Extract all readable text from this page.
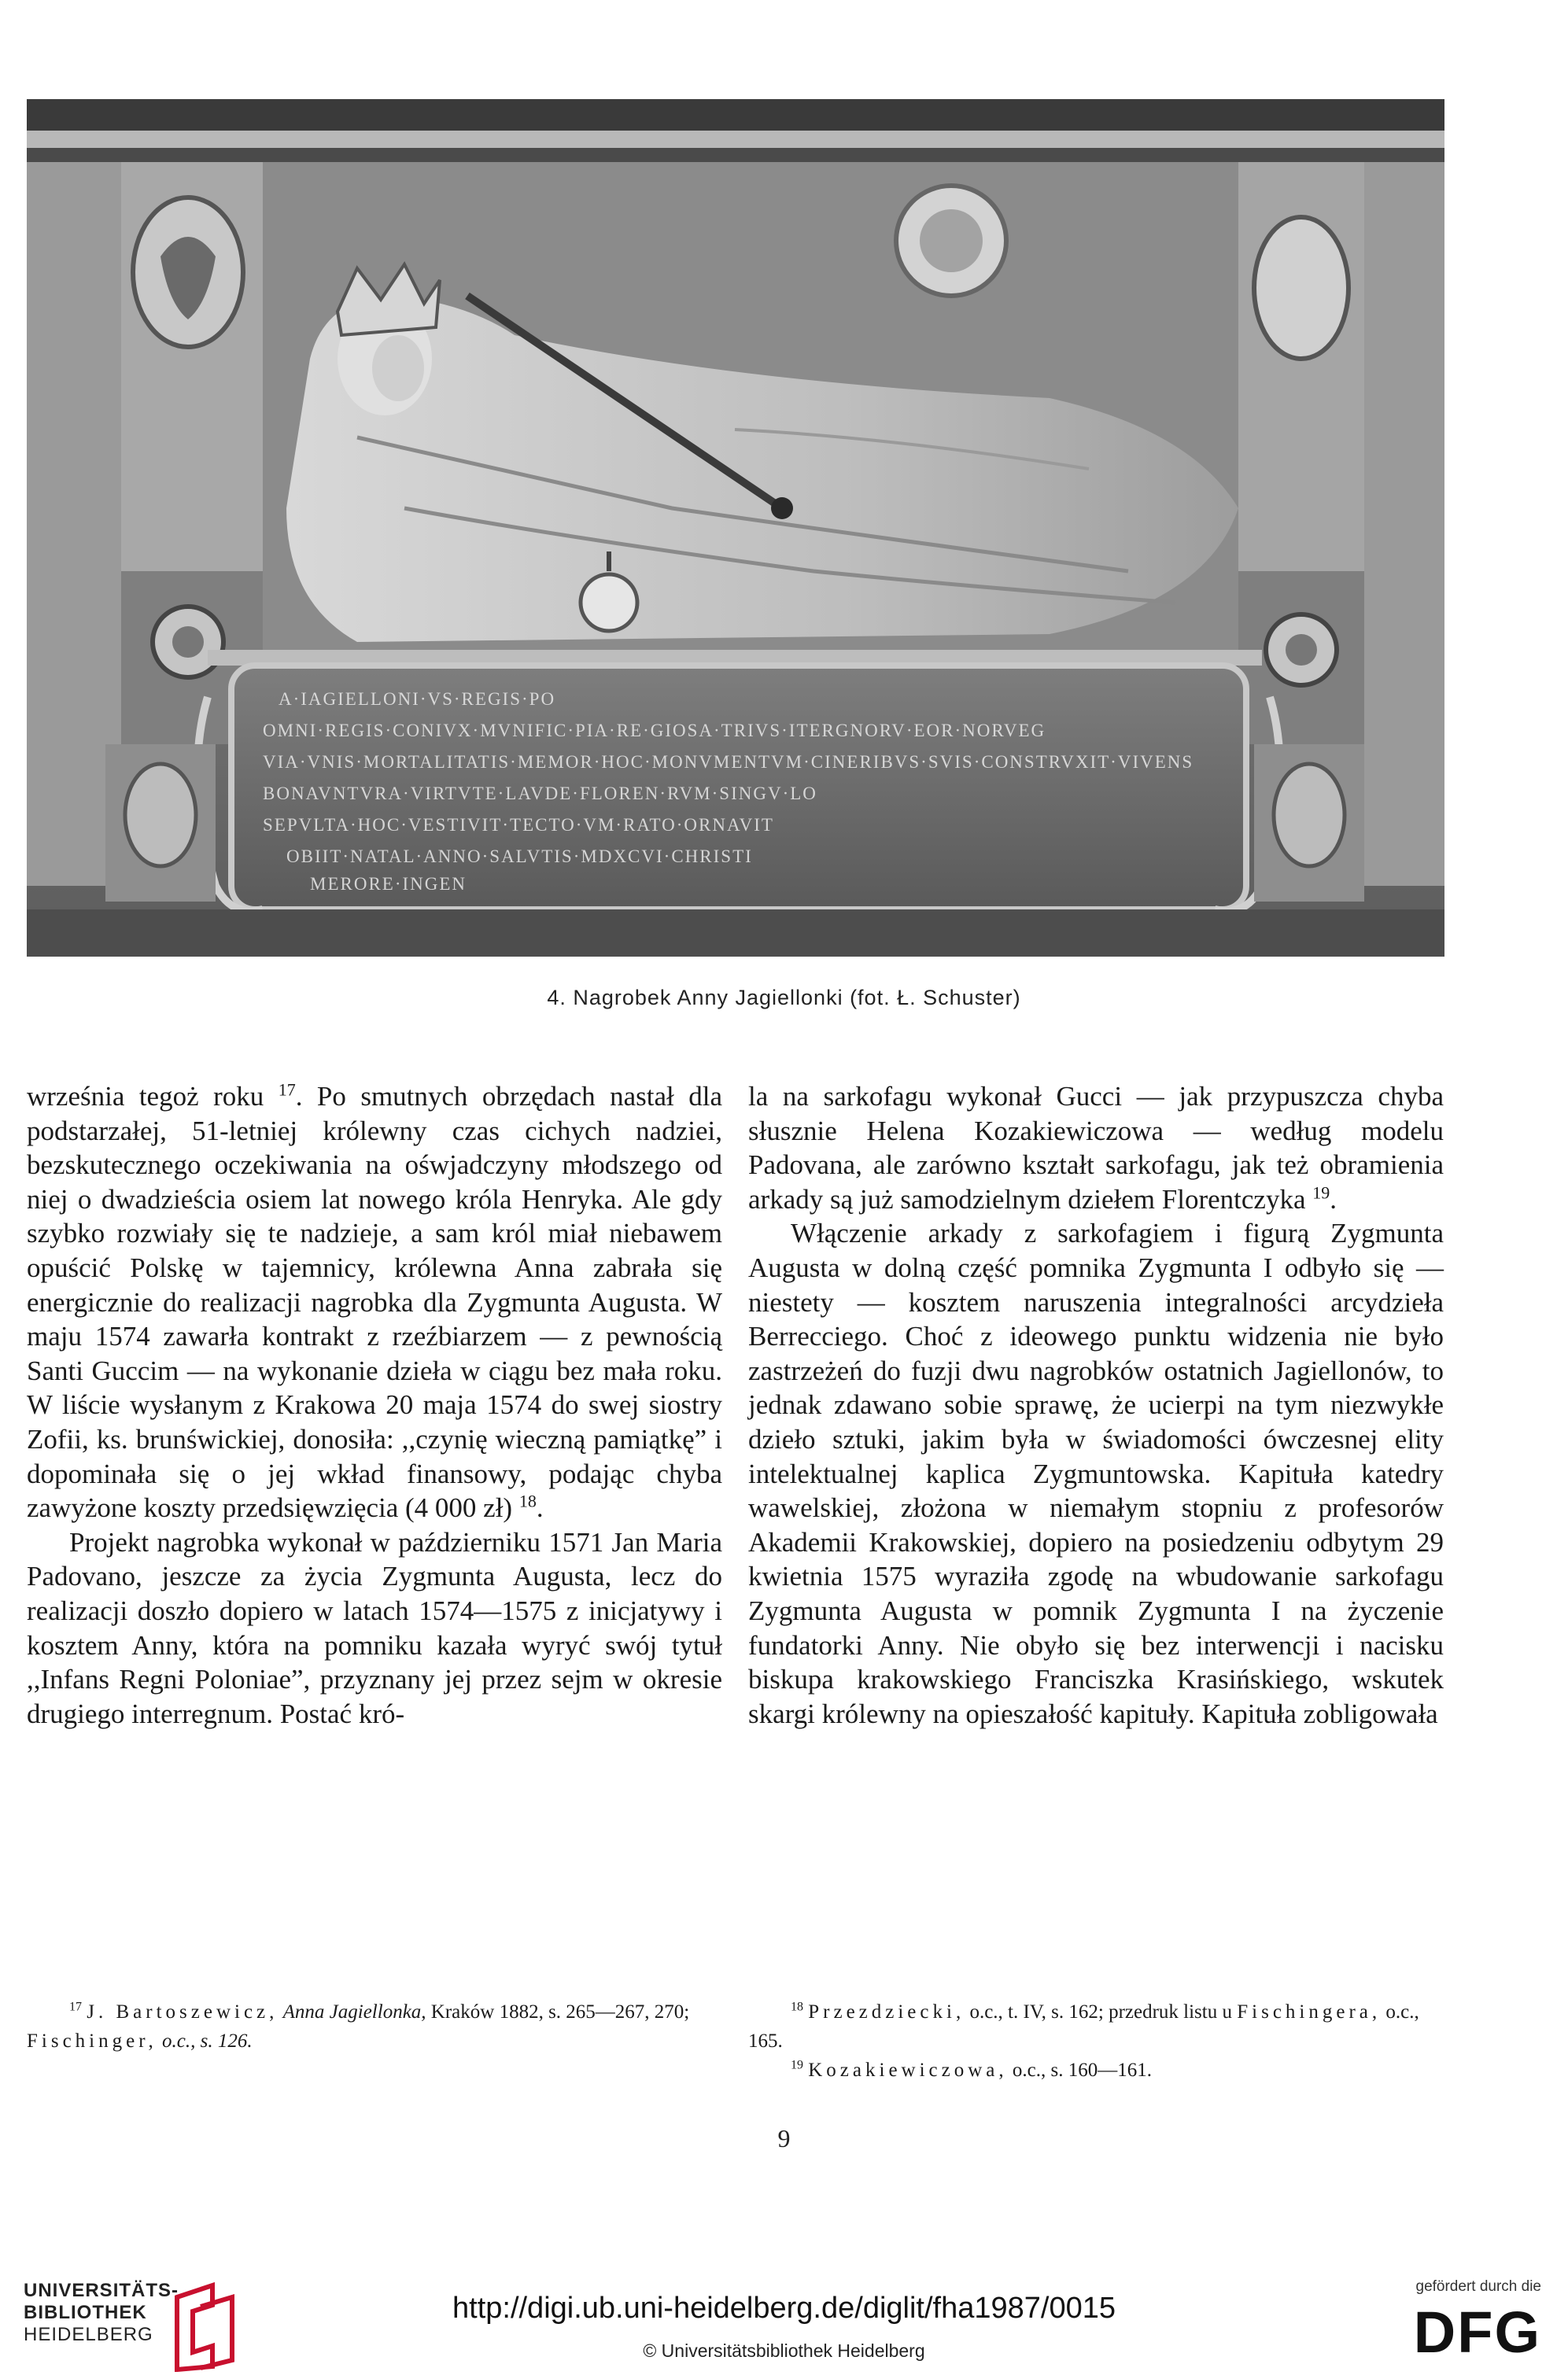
A·IAGIELLONI·VS·REGIS·PO
OMNI·REGIS·CONIVX·MVNIFIC·PIA·RE·GIOSA·TRIVS·ITERGNORV·EOR·NORVEG
VIA·VNIS·MORTALITATIS·MEMOR·HOC·MONVMENTVM·CINERIBVS·SVIS·CONSTRVXIT·VIVENS
BONAVNTVRA·VIRTVTE·LAVDE·FLOREN·RVM·SINGV·LO
SEPVLTA·HOC·VESTIVIT·TECTO·VM·RATO·ORNAVIT
OBIIT·NATAL·ANNO·SALVTIS·MDXCVI·CHRISTI
MERORE·INGEN
4. Nagrobek Anny Jagiellonki (fot. Ł. Schuster)

września tegoż roku $^{17}$. Po smutnych obrzędach nastał dla podstarzałej, 51-letniej królewny czas cichych nadziei, bezskutecznego oczekiwania na ośwjadczyny młodszego od niej o dwadzieścia osiem lat nowego króla Henryka. Ale gdy szybko rozwiały się te nadzieje, a sam król miał niebawem opuścić Polskę w tajemnicy, królewna Anna zabrała się energicznie do realizacji nagrobka dla Zygmunta Augusta. W maju 1574 zawarła kontrakt z rzeźbiarzem — z pewnością Santi Guccim — na wykonanie dzieła w ciągu bez mała roku. W liście wysłanym z Krakowa 20 maja 1574 do swej siostry Zofii, ks. brunświckiej, donosiła: ,,czynię wieczną pamiątkę” i dopominała się o jej wkład finansowy, podając chyba zawyżone koszty przedsięwzięcia (4 000 zł) $^{18}$.

Projekt nagrobka wykonał w październiku 1571 Jan Maria Padovano, jeszcze za życia Zygmunta Augusta, lecz do realizacji doszło dopiero w latach 1574—1575 z inicjatywy i kosztem Anny, która na pomniku kazała wyryć swój tytuł ,,Infans Regni Poloniae”, przyznany jej przez sejm w okresie drugiego interregnum. Postać kró-

la na sarkofagu wykonał Gucci — jak przypuszcza chyba słusznie Helena Kozakiewiczowa — według modelu Padovana, ale zarówno kształt sarkofagu, jak też obramienia arkady są już samodzielnym dziełem Florentczyka $^{19}$.

Włączenie arkady z sarkofagiem i figurą Zygmunta Augusta w dolną część pomnika Zygmunta I odbyło się — niestety — kosztem naruszenia integralności arcydzieła Berrecciego. Choć z ideowego punktu widzenia nie było zastrzeżeń do fuzji dwu nagrobków ostatnich Jagiellonów, to jednak zdawano sobie sprawę, że ucierpi na tym niezwykłe dzieło sztuki, jakim była w świadomości ówczesnej elity intelektualnej kaplica Zygmuntowska. Kapituła katedry wawelskiej, złożona w niemałym stopniu z profesorów Akademii Krakowskiej, dopiero na posiedzeniu odbytym 29 kwietnia 1575 wyraziła zgodę na wbudowanie sarkofagu Zygmunta Augusta w pomnik Zygmunta I na życzenie fundatorki Anny. Nie obyło się bez interwencji i nacisku biskupa krakowskiego Franciszka Krasińskiego, wskutek skargi królewny na opieszałość kapituły. Kapituła zobligowała

$^{17}$ J. Bartoszewicz, Anna Jagiellonka, Kraków 1882, s. 265—267, 270; Fischinger, o.c., s. 126.

$^{18}$ Przezdziecki, o.c., t. IV, s. 162; przedruk listu u Fischingera, o.c., 165.

$^{19}$ Kozakiewiczowa, o.c., s. 160—161.

9
UNIVERSITÄTS-
BIBLIOTHEK
HEIDELBERG
http://digi.ub.uni-heidelberg.de/diglit/fha1987/0015
© Universitätsbibliothek Heidelberg
gefördert durch die
DFG
